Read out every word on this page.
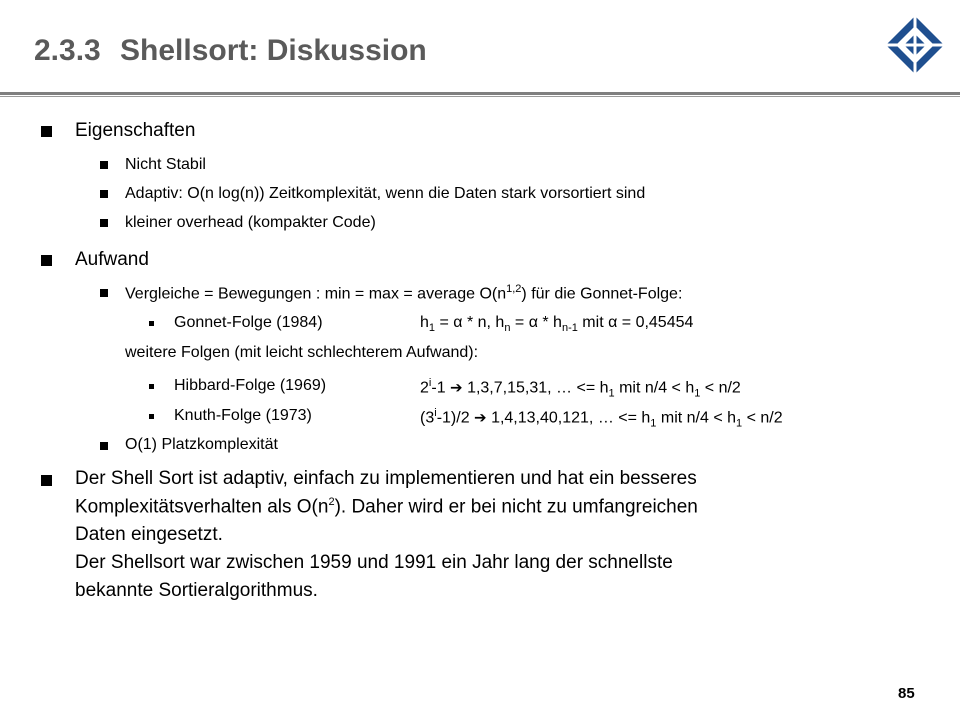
2.3.3 Shellsort: Diskussion
Eigenschaften
Nicht Stabil
Adaptiv: O(n log(n)) Zeitkomplexität, wenn die Daten stark vorsortiert sind
kleiner overhead (kompakter Code)
Aufwand
Vergleiche = Bewegungen : min = max = average $O(n^{1,2})$ für die Gonnet-Folge:
Gonnet-Folge (1984)	$h_1 = \alpha * n$, $h_n = \alpha * h_{n-1}$ mit α = 0,45454
weitere Folgen (mit leicht schlechterem Aufwand):
Hibbard-Folge (1969)	2$^i$-1 ➔ 1,3,7,15,31, … <= $h_1$ mit $n/4 < h_1 < n/2$
Knuth-Folge (1973)	(3$^i$-1)/2 ➔ 1,4,13,40,121, … <= $h_1$ mit $n/4 < h_1 < n/2$
O(1) Platzkomplexität
Der Shell Sort ist adaptiv, einfach zu implementieren und hat ein besseres
Komplexitätsverhalten als $O(n^2)$. Daher wird er bei nicht zu umfangreichen
Daten eingesetzt.
Der Shellsort war zwischen 1959 und 1991 ein Jahr lang der schnellste
bekannte Sortieralgorithmus.
85
